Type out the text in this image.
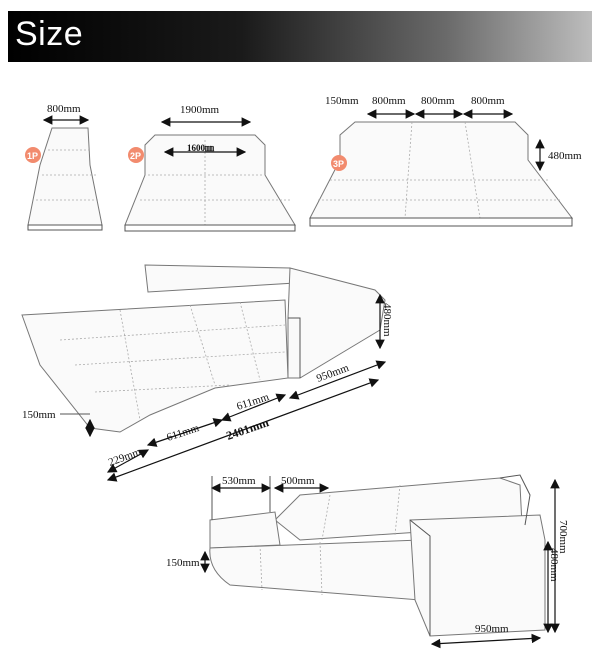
Size
800mm
1P
1900mm
1600㎜
2P
150mm 800mm 800mm 800mm
480mm
3P
480mm
950mm
611mm
611mm 2401mm
229mm
150mm
530mm 500mm
150mm
700mm
480mm
950mm
